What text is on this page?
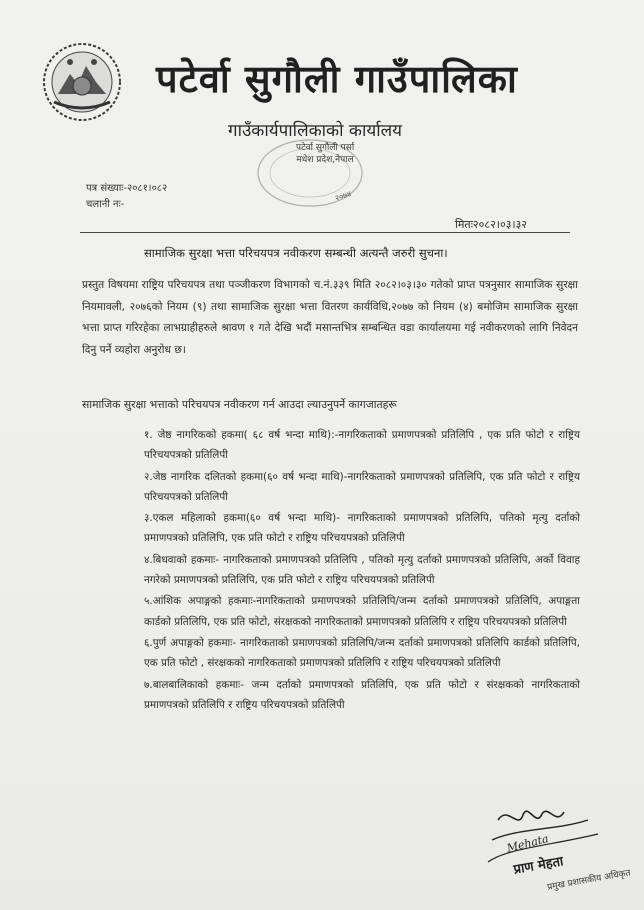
पटेर्वा सुगौली गाउँपालिका
गाउँकार्यपालिकाको कार्यालय
२०७४
पटेर्वा सुगौली पर्सा
मधेश प्रदेश,नेपाल
पत्र संख्याः-२०८१।०८२
चलानी नः-
मितः२०८२।०३।३२
सामाजिक सुरक्षा भत्ता परिचयपत्र नवीकरण सम्बन्धी अत्यन्तै जरुरी सुचना।
प्रस्तुत विषयमा राष्ट्रिय परिचयपत्र तथा पञ्जीकरण विभागको च.नं.३३९ मिति २०८२।०३।३० गतेको प्राप्त पत्रनुसार सामाजिक सुरक्षा नियमावली, २०७६को नियम (९) तथा सामाजिक सुरक्षा भत्ता वितरण कार्यविधि,२०७७ को नियम (४) बमोजिम सामाजिक सुरक्षा भत्ता प्राप्त गरिरहेका लाभग्राहीहरुले श्रावण १ गते देखि भदौं मसान्तभित्र सम्बन्धित वडा कार्यालयमा गई नवीकरणको लागि निवेदन दिनु पर्ने व्यहोरा अनुरोध छ।
सामाजिक सुरक्षा भत्ताको परिचयपत्र नवीकरण गर्न आउदा ल्याउनुपर्ने कागजातहरू
१. जेष्ठ नागरिकको हकमा( ६८ वर्ष भन्दा माथि):-नागरिकताको प्रमाणपत्रको प्रतिलिपि , एक प्रति फोटो र राष्ट्रिय परिचयपत्रको प्रतिलिपी
२.जेष्ठ नागरिक दलितको हकमा(६० वर्ष भन्दा माथि)-नागरिकताको प्रमाणपत्रको प्रतिलिपि, एक प्रति फोटो र राष्ट्रिय परिचयपत्रको प्रतिलिपी
३.एकल महिलाको हकमा(६० वर्ष भन्दा माथि)- नागरिकताको प्रमाणपत्रको प्रतिलिपि, पतिको मृत्यु दर्ताको प्रमाणपत्रको प्रतिलिपि, एक प्रति फोटो र राष्ट्रिय परिचयपत्रको प्रतिलिपी
४.बिधवाको हकमाः- नागरिकताको प्रमाणपत्रको प्रतिलिपि , पतिको मृत्यु दर्ताको प्रमाणपत्रको प्रतिलिपि, अर्को विवाह नगरेको प्रमाणपत्रको प्रतिलिपि, एक प्रति फोटो र राष्ट्रिय परिचयपत्रको प्रतिलिपी
५.आंशिक अपाङ्गको हकमाः-नागरिकताको प्रमाणपत्रको प्रतिलिपि/जन्म दर्ताको प्रमाणपत्रको प्रतिलिपि, अपाङ्गता कार्डको प्रतिलिपि, एक प्रति फोटो, संरक्षकको नागरिकताको प्रमाणपत्रको प्रतिलिपि र राष्ट्रिय परिचयपत्रको प्रतिलिपी
६.पुर्ण अपाङ्गको हकमाः- नागरिकताको प्रमाणपत्रको प्रतिलिपि/जन्म दर्ताको प्रमाणपत्रको प्रतिलिपि कार्डको प्रतिलिपि, एक प्रति फोटो , संरक्षकको नागरिकताको प्रमाणपत्रको प्रतिलिपि र राष्ट्रिय परिचयपत्रको प्रतिलिपी
७.बालबालिकाको हकमाः- जन्म दर्ताको प्रमाणपत्रको प्रतिलिपि, एक प्रति फोटो र संरक्षकको नागरिकताको प्रमाणपत्रको प्रतिलिपि र राष्ट्रिय परिचयपत्रको प्रतिलिपी
Mehata
प्राण मेहता
प्रमुख प्रशासकीय अधिकृत
